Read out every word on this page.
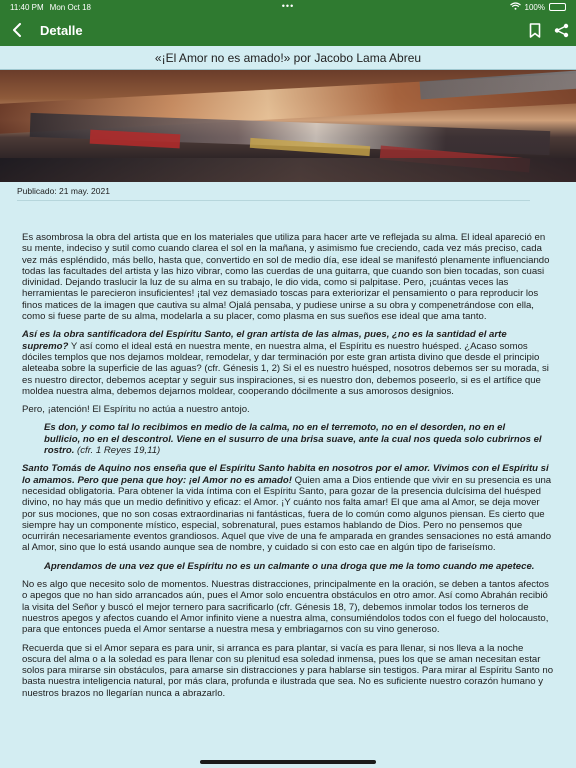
11:40 PM Mon Oct 18	•••	100%
Detalle
«¡El Amor no es amado!» por Jacobo Lama Abreu
Publicado: 21 may. 2021

Es asombrosa la obra del artista que en los materiales que utiliza para hacer arte ve reflejada su alma. El ideal apareció en su mente, indeciso y sutil como cuando clarea el sol en la mañana, y asimismo fue creciendo, cada vez más preciso, cada vez más espléndido, más bello, hasta que, convertido en sol de medio día, ese ideal se manifestó plenamente influenciando todas las facultades del artista y las hizo vibrar, como las cuerdas de una guitarra, que cuando son bien tocadas, son cuasi divinidad. Dejando traslucir la luz de su alma en su trabajo, le dio vida, como si palpitase. Pero, ¡cuántas veces las herramientas le parecieron insuficientes! ¡tal vez demasiado toscas para exteriorizar el pensamiento o para reproducir los finos matices de la imagen que cautiva su alma! Ojalá pensaba, y pudiese unirse a su obra y compenetrándose con ella, como si fuese parte de su alma, modelarla a su placer, como plasma en sus sueños ese ideal que ama tanto.

Así es la obra santificadora del Espíritu Santo, el gran artista de las almas, pues, ¿no es la santidad el arte supremo? Y así como el ideal está en nuestra mente, en nuestra alma, el Espíritu es nuestro huésped. ¿Acaso somos dóciles templos que nos dejamos moldear, remodelar, y dar terminación por este gran artista divino que desde el principio aleteaba sobre la superficie de las aguas? (cfr. Génesis 1, 2) Si el es nuestro huésped, nosotros debemos ser su morada, si es nuestro director, debemos aceptar y seguir sus inspiraciones, si es nuestro don, debemos poseerlo, si es el artífice que moldea nuestra alma, debemos dejarnos moldear, cooperando dócilmente a sus amorosos designios.

Pero, ¡atención! El Espíritu no actúa a nuestro antojo.

Es don, y como tal lo recibimos en medio de la calma, no en el terremoto, no en el desorden, no en el bullicio, no en el descontrol. Viene en el susurro de una brisa suave, ante la cual nos queda solo cubrirnos el rostro. (cfr. 1 Reyes 19,11)

Santo Tomás de Aquino nos enseña que el Espíritu Santo habita en nosotros por el amor. Vivimos con el Espíritu si lo amamos. Pero que pena que hoy: ¡el Amor no es amado! Quien ama a Dios entiende que vivir en su presencia es una necesidad obligatoria. Para obtener la vida íntima con el Espíritu Santo, para gozar de la presencia dulcísima del huésped divino, no hay más que un medio definitivo y eficaz: el Amor. ¡Y cuánto nos falta amar! El que ama al Amor, se deja mover por sus mociones, que no son cosas extraordinarias ni fantásticas, fuera de lo común como algunos piensan. Es cierto que siempre hay un componente místico, especial, sobrenatural, pues estamos hablando de Dios. Pero no pensemos que ocurrirán necesariamente eventos grandiosos. Aquel que vive de una fe amparada en grandes sensaciones no está amando al Amor, sino que lo está usando aunque sea de nombre, y cuidado si con esto cae en algún tipo de fariseísmo.

Aprendamos de una vez que el Espíritu no es un calmante o una droga que me la tomo cuando me apetece.

No es algo que necesito solo de momentos. Nuestras distracciones, principalmente en la oración, se deben a tantos afectos o apegos que no han sido arrancados aún, pues el Amor solo encuentra obstáculos en otro amor. Así como Abrahán recibió la visita del Señor y buscó el mejor ternero para sacrificarlo (cfr. Génesis 18, 7), debemos inmolar todos los terneros de nuestros apegos y afectos cuando el Amor infinito viene a nuestra alma, consumiéndolos todos con el fuego del holocausto, para que entonces pueda el Amor sentarse a nuestra mesa y embriagarnos con su vino generoso.

Recuerda que si el Amor separa es para unir, si arranca es para plantar, si vacía es para llenar, si nos lleva a la noche oscura del alma o a la soledad es para llenar con su plenitud esa soledad inmensa, pues los que se aman necesitan estar solos para mirarse sin obstáculos, para amarse sin distracciones y para hablarse sin testigos. Para mirar al Espíritu Santo no basta nuestra inteligencia natural, por más clara, profunda e ilustrada que sea. No es suficiente nuestro corazón humano y nuestros brazos no llegarían nunca a abrazarlo.
